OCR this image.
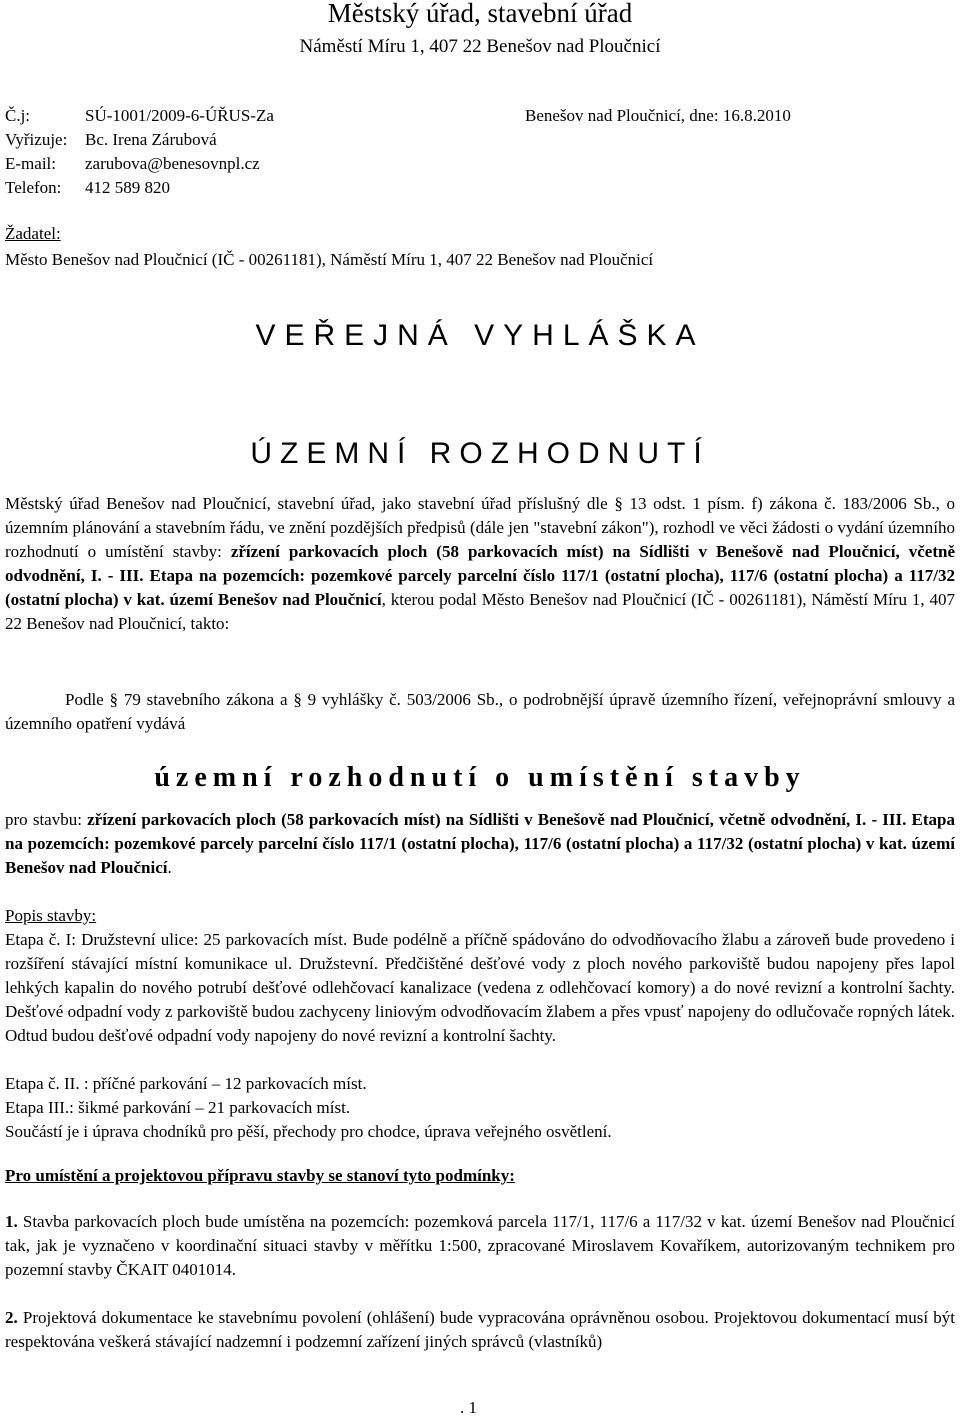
Městský úřad, stavební úřad
Náměstí Míru 1, 407 22 Benešov nad Ploučnicí
Č.j:	SÚ-1001/2009-6-ÚŘUS-Za	Benešov nad Ploučnicí, dne: 16.8.2010
Vyřizuje: Bc. Irena Zárubová
E-mail: zarubova@benesovnpl.cz
Telefon: 412 589 820
Žadatel:
Město Benešov nad Ploučnicí (IČ - 00261181), Náměstí Míru 1, 407 22 Benešov nad Ploučnicí
VEŘEJNÁ VYHLÁŠKA
ÚZEMNÍ ROZHODNUTÍ
Městský úřad Benešov nad Ploučnicí, stavební úřad, jako stavební úřad příslušný dle § 13 odst. 1 písm. f) zákona č. 183/2006 Sb., o územním plánování a stavebním řádu, ve znění pozdějších předpisů (dále jen "stavební zákon"), rozhodl ve věci žádosti o vydání územního rozhodnutí o umístění stavby: zřízení parkovacích ploch (58 parkovacích míst) na Sídlišti v Benešově nad Ploučnicí, včetně odvodnění, I. - III. Etapa na pozemcích: pozemkové parcely parcelní číslo 117/1 (ostatní plocha), 117/6 (ostatní plocha) a 117/32 (ostatní plocha) v kat. území Benešov nad Ploučnicí, kterou podal Město Benešov nad Ploučnicí (IČ - 00261181), Náměstí Míru 1, 407 22 Benešov nad Ploučnicí, takto:
Podle § 79 stavebního zákona a § 9 vyhlášky č. 503/2006 Sb., o podrobnější úpravě územního řízení, veřejnoprávní smlouvy a územního opatření vydává
územní rozhodnutí o umístění stavby
pro stavbu: zřízení parkovacích ploch (58 parkovacích míst) na Sídlišti v Benešově nad Ploučnicí, včetně odvodnění, I. - III. Etapa na pozemcích: pozemkové parcely parcelní číslo 117/1 (ostatní plocha), 117/6 (ostatní plocha) a 117/32 (ostatní plocha) v kat. území Benešov nad Ploučnicí.
Popis stavby:
Etapa č. I: Družstevní ulice: 25 parkovacích míst. Bude podélně a příčně spádováno do odvodňovacího žlabu a zároveň bude provedeno i rozšíření stávající místní komunikace ul. Družstevní. Předčištěné dešťové vody z ploch nového parkoviště budou napojeny přes lapol lehkých kapalin do nového potrubí dešťové odlehčovací kanalizace (vedena z odlehčovací komory) a do nové revizní a kontrolní šachty. Dešťové odpadní vody z parkoviště budou zachyceny liniovým odvodňovacím žlabem a přes vpusť napojeny do odlučovače ropných látek. Odtud budou dešťové odpadní vody napojeny do nové revizní a kontrolní šachty.
Etapa č. II. : příčné parkování – 12 parkovacích míst.
Etapa III.: šikmé parkování – 21 parkovacích míst.
Součástí je i úprava chodníků pro pěší, přechody pro chodce, úprava veřejného osvětlení.
Pro umístění a projektovou přípravu stavby se stanoví tyto podmínky:
1. Stavba parkovacích ploch bude umístěna na pozemcích: pozemková parcela 117/1, 117/6 a 117/32 v kat. území Benešov nad Ploučnicí tak, jak je vyznačeno v koordinační situaci stavby v měřítku 1:500, zpracované Miroslavem Kovaříkem, autorizovaným technikem pro pozemní stavby ČKAIT 0401014.
2. Projektová dokumentace ke stavebnímu povolení (ohlášení) bude vypracována oprávněnou osobou. Projektovou dokumentací musí být respektována veškerá stávající nadzemní i podzemní zařízení jiných správců (vlastníků)
. 1
